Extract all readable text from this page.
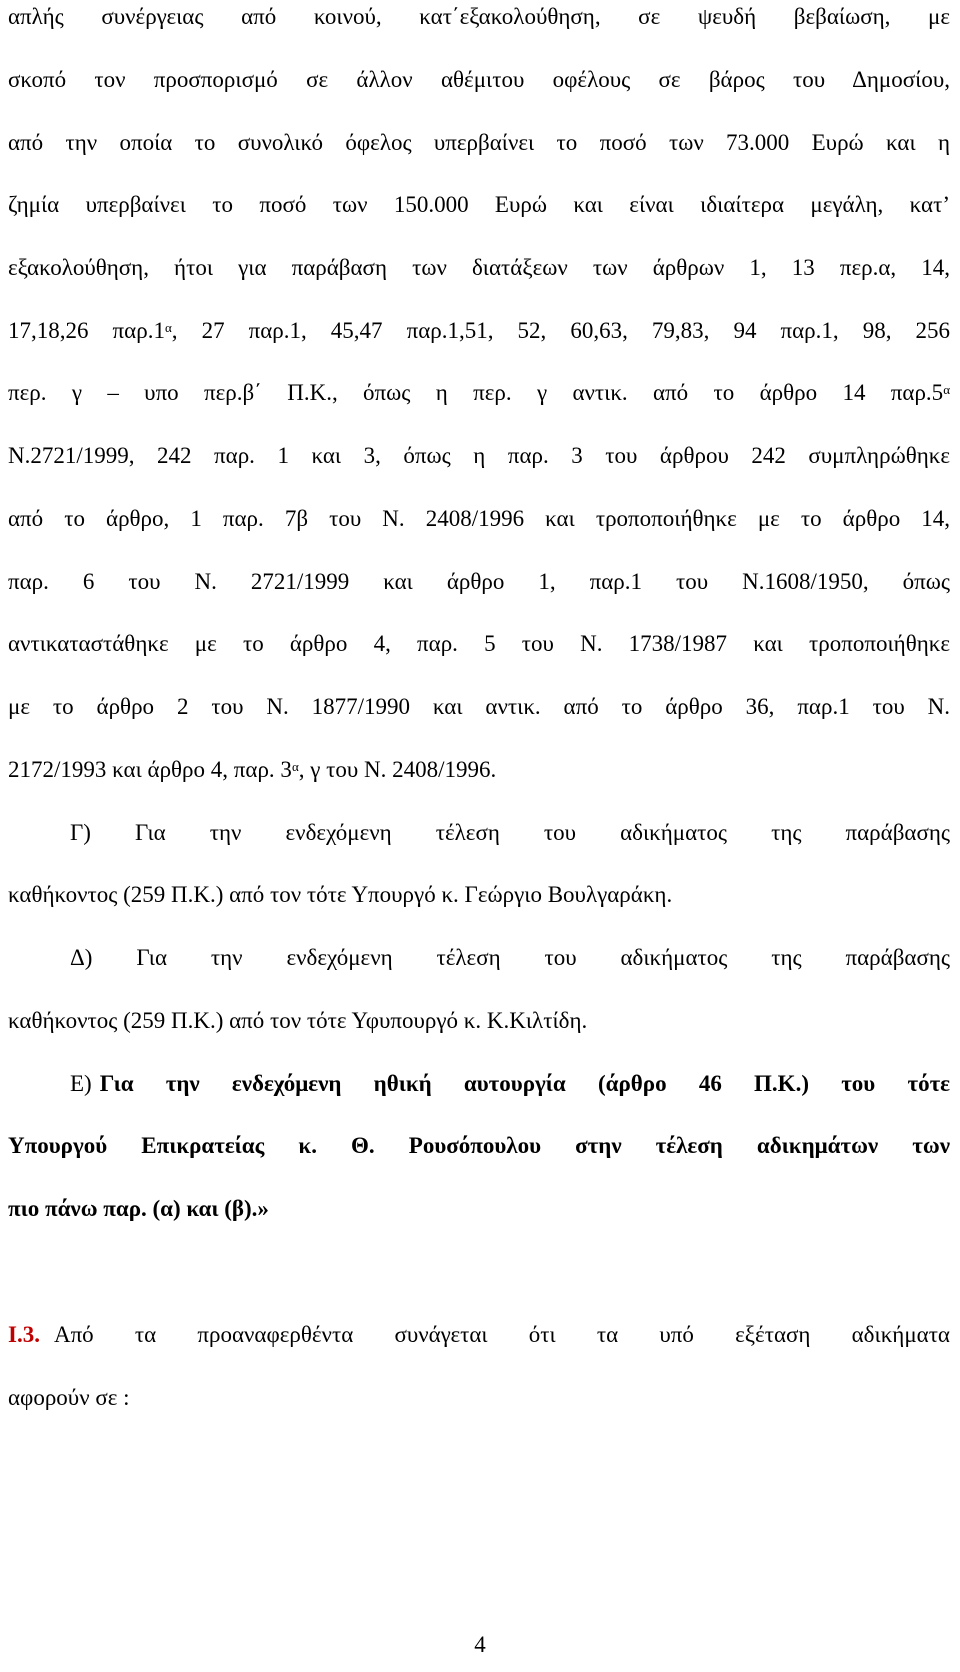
απλής συνέργειας από κοινού, κατ΄εξακολούθηση, σε ψευδή βεβαίωση, με
σκοπό τον προσπορισμό σε άλλον αθέμιτου οφέλους σε βάρος του Δημοσίου,
από την οποία το συνολικό όφελος υπερβαίνει το ποσό των 73.000 Ευρώ και η
ζημία υπερβαίνει το ποσό των 150.000 Ευρώ και είναι ιδιαίτερα μεγάλη, κατ’
εξακολούθηση, ήτοι για παράβαση των διατάξεων των άρθρων 1, 13 περ.α, 14,
17,18,26 $\pi\alpha\rho.1^\alpha$, 27 παρ.1, 45,47 παρ.1,51, 52, 60,63, 79,83, 94 παρ.1, 98, 256
περ. γ – υπο περ.β΄ Π.Κ., όπως η περ. γ αντικ. από το άρθρο 14 $\pi\alpha\rho.5^\alpha$
Ν.2721/1999, 242 παρ. 1 και 3, όπως η παρ. 3 του άρθρου 242 συμπληρώθηκε
από το άρθρο, 1 παρ. 7β του Ν. 2408/1996 και τροποποιήθηκε με το άρθρο 14,
παρ. 6 του Ν. 2721/1999 και άρθρο 1, παρ.1 του Ν.1608/1950, όπως
αντικαταστάθηκε με το άρθρο 4, παρ. 5 του Ν. 1738/1987 και τροποποιήθηκε
με το άρθρο 2 του Ν. 1877/1990 και αντικ. από το άρθρο 36, παρ.1 του Ν.
2172/1993 και άρθρο 4, παρ. $3^\alpha$, γ του Ν. 2408/1996.
Γ) Για την ενδεχόμενη τέλεση του αδικήματος της παράβασης
καθήκοντος (259 Π.Κ.) από τον τότε Υπουργό κ. Γεώργιο Βουλγαράκη.
Δ) Για την ενδεχόμενη τέλεση του αδικήματος της παράβασης
καθήκοντος (259 Π.Κ.) από τον τότε Υφυπουργό κ. Κ.Κιλτίδη.
Ε) Για την ενδεχόμενη ηθική αυτουργία (άρθρο 46 Π.Κ.) του τότε
Υπουργού Επικρατείας κ. Θ. Ρουσόπουλου στην τέλεση αδικημάτων των
πιο πάνω παρ. (α) και (β).»
Ι.3. Από τα προαναφερθέντα συνάγεται ότι τα υπό εξέταση αδικήματα
αφορούν σε :
4
